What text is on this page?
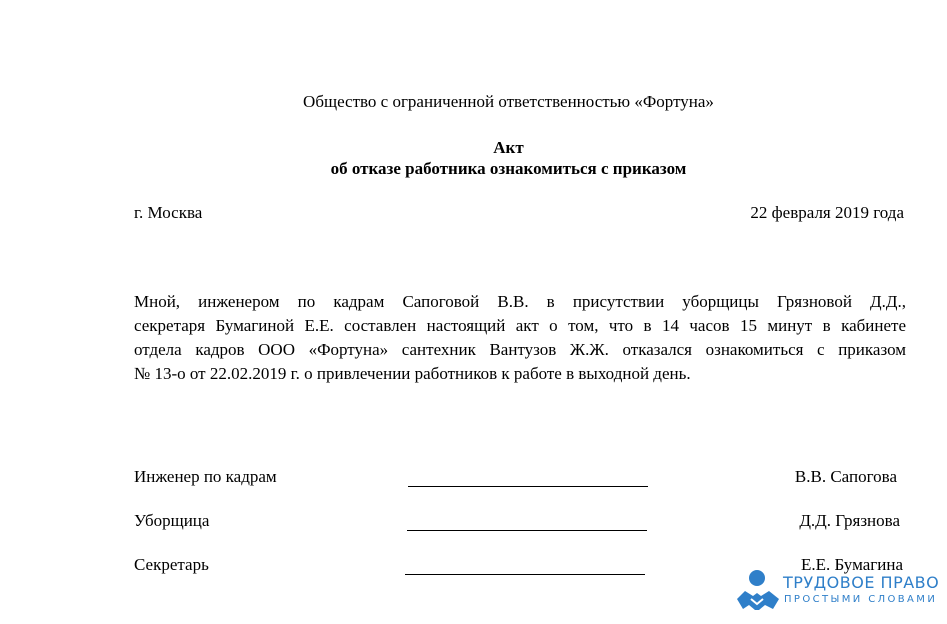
Общество с ограниченной ответственностью «Фортуна»
Акт
об отказе работника ознакомиться с приказом
г. Москва	22 февраля 2019 года
Мной, инженером по кадрам Сапоговой В.В. в присутствии уборщицы Грязновой Д.Д.,
секретаря Бумагиной Е.Е. составлен настоящий акт о том, что в 14 часов 15 минут в кабинете
отдела кадров ООО «Фортуна» сантехник Вантузов Ж.Ж. отказался ознакомиться с приказом
№ 13-о от 22.02.2019 г. о привлечении работников к работе в выходной день.
Инженер по кадрам	В.В. Сапогова
Уборщица	Д.Д. Грязнова
Секретарь	Е.Е. Бумагина
ТРУДОВОЕ ПРАВО
ПРОСТЫМИ СЛОВАМИ
